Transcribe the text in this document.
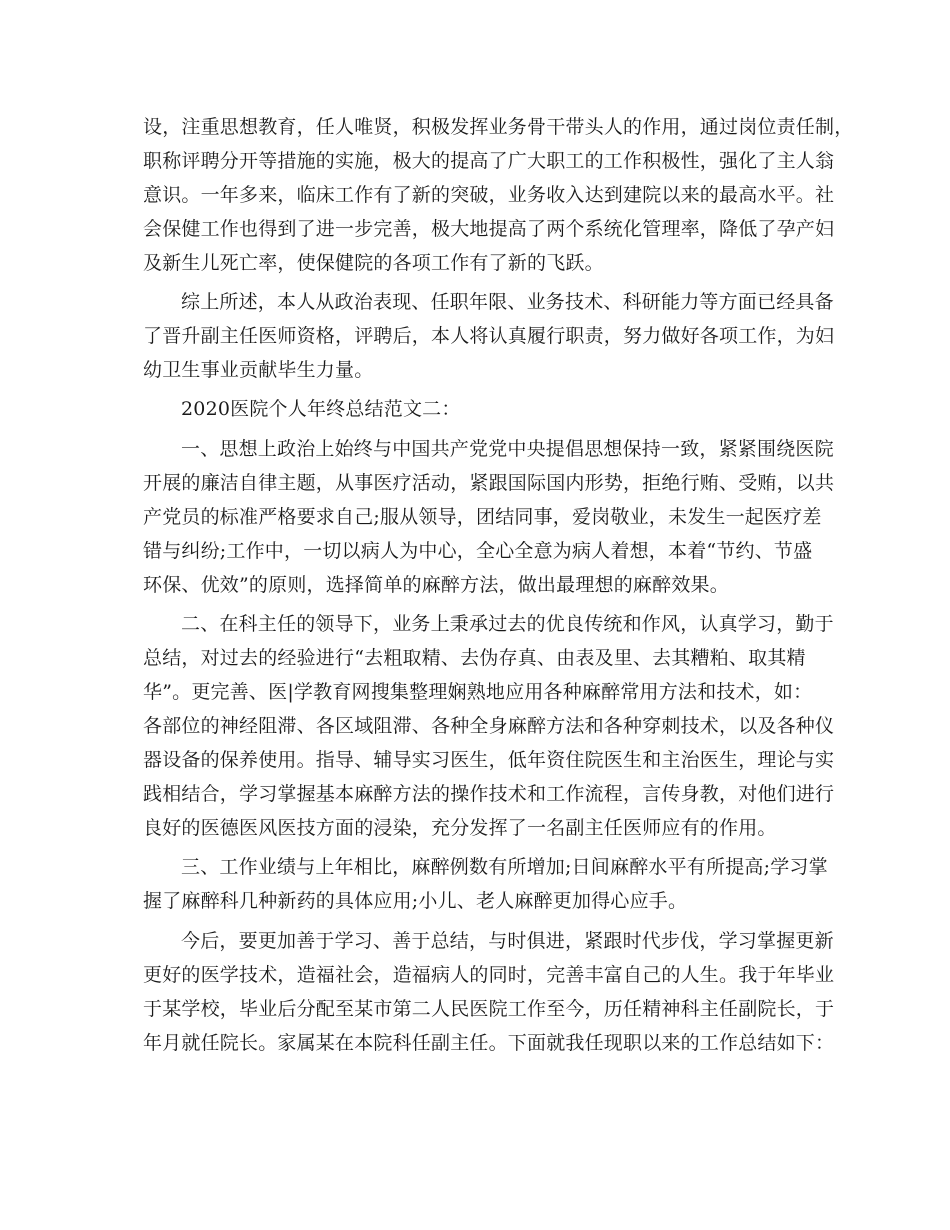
设，注重思想教育，任人唯贤，积极发挥业务骨干带头人的作用，通过岗位责任制，
职称评聘分开等措施的实施，极大的提高了广大职工的工作积极性，强化了主人翁
意识。一年多来，临床工作有了新的突破，业务收入达到建院以来的最高水平。社
会保健工作也得到了进一步完善，极大地提高了两个系统化管理率，降低了孕产妇
及新生儿死亡率，使保健院的各项工作有了新的飞跃。
综上所述，本人从政治表现、任职年限、业务技术、科研能力等方面已经具备
了晋升副主任医师资格，评聘后，本人将认真履行职责，努力做好各项工作，为妇
幼卫生事业贡献毕生力量。
2020医院个人年终总结范文二：
一、思想上政治上始终与中国共产党党中央提倡思想保持一致，紧紧围绕医院
开展的廉洁自律主题，从事医疗活动，紧跟国际国内形势，拒绝行贿、受贿，以共
产党员的标准严格要求自己;服从领导，团结同事，爱岗敬业，未发生一起医疗差
错与纠纷;工作中，一切以病人为中心，全心全意为病人着想，本着“节约、节盛
环保、优效”的原则，选择简单的麻醉方法，做出最理想的麻醉效果。
二、在科主任的领导下，业务上秉承过去的优良传统和作风，认真学习，勤于
总结，对过去的经验进行“去粗取精、去伪存真、由表及里、去其糟粕、取其精
华”。更完善、医|学教育网搜集整理娴熟地应用各种麻醉常用方法和技术，如：
各部位的神经阻滞、各区域阻滞、各种全身麻醉方法和各种穿刺技术，以及各种仪
器设备的保养使用。指导、辅导实习医生，低年资住院医生和主治医生，理论与实
践相结合，学习掌握基本麻醉方法的操作技术和工作流程，言传身教，对他们进行
良好的医德医风医技方面的浸染，充分发挥了一名副主任医师应有的作用。
三、工作业绩与上年相比，麻醉例数有所增加;日间麻醉水平有所提高;学习掌
握了麻醉科几种新药的具体应用;小儿、老人麻醉更加得心应手。
今后，要更加善于学习、善于总结，与时俱进，紧跟时代步伐，学习掌握更新
更好的医学技术，造福社会，造福病人的同时，完善丰富自己的人生。我于年毕业
于某学校，毕业后分配至某市第二人民医院工作至今，历任精神科主任副院长，于
年月就任院长。家属某在本院科任副主任。下面就我任现职以来的工作总结如下：
